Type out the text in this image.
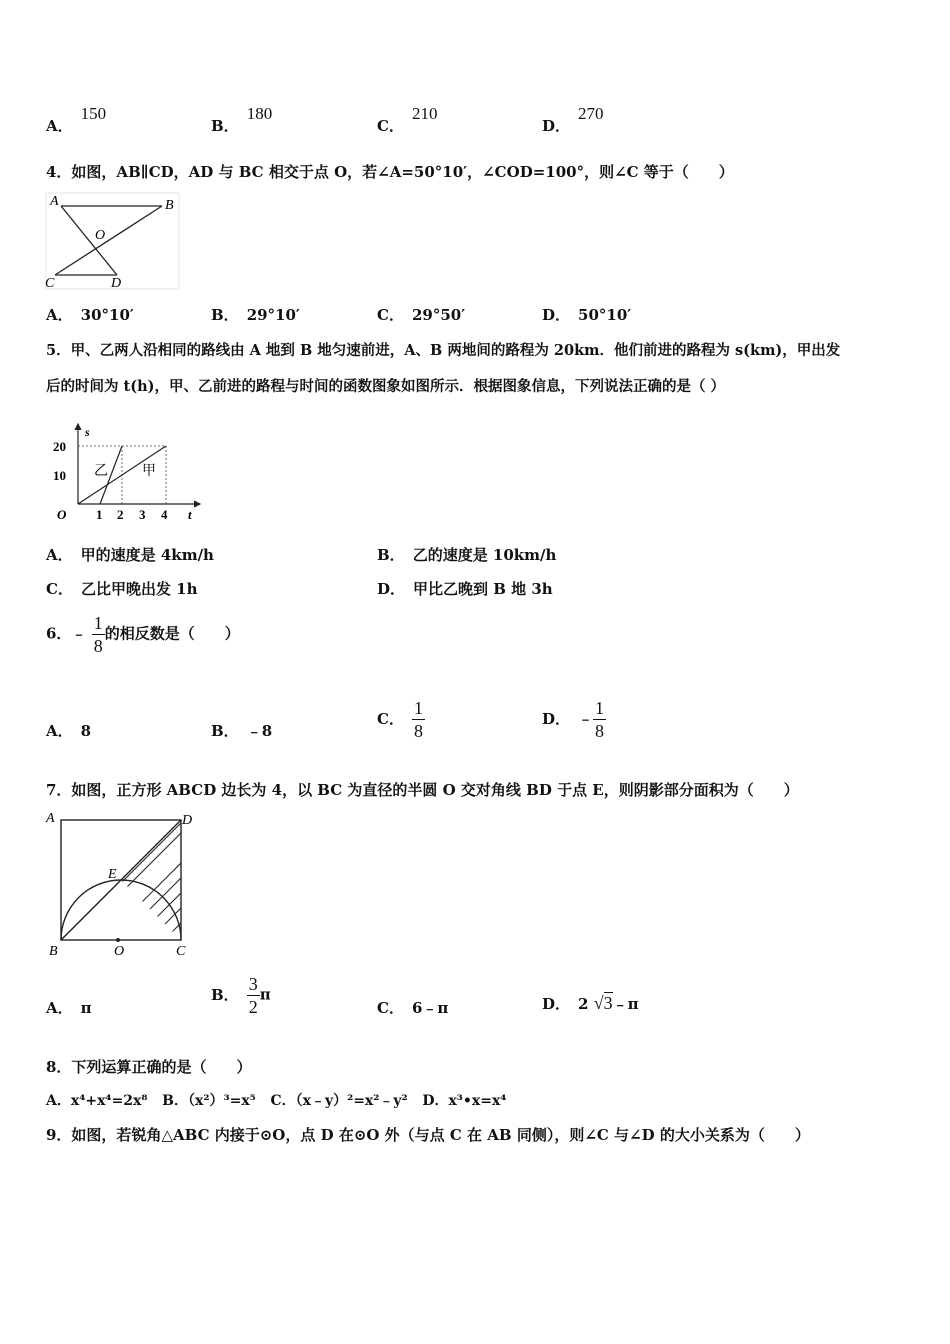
A．150
B．180
C．210
D．270
4．如图，AB∥CD，AD 与 BC 相交于点 O，若∠A=50°10′，∠COD=100°，则∠C 等于（　　）
A	B
O
C	D
A． 30°10′	B． 29°10′	C． 29°50′	D． 50°10′
5．甲、乙两人沿相同的路线由 A 地到 B 地匀速前进，A、B 两地间的路程为 20km．他们前进的路程为 s(km)，甲出发
后的时间为 t(h)，甲、乙前进的路程与时间的函数图象如图所示．根据图象信息，下列说法正确的是（ ）
s
t
O
20
10
1 2 3 4
乙 甲
A． 甲的速度是 4km/h	B． 乙的速度是 10km/h
C． 乙比甲晚出发 1h	D． 甲比乙晚到 B 地 3h
6．﹣ $\frac{1}{8}$ 的相反数是（　　）
A． 8	B． ﹣8
C． $\frac{1}{8}$	D． ﹣ $\frac{1}{8}$
7．如图，正方形 ABCD 边长为 4，以 BC 为直径的半圆 O 交对角线 BD 于点 E，则阴影部分面积为（　　）
A	D
E
B	O	C
A． π
B． $\frac{3}{2}$ π
C． 6﹣π	D． 2 √3﹣π
8．下列运算正确的是（　　）
A．x⁴+x⁴=2x⁸ B．（x²）³=x⁵ C．（x﹣y）²=x²﹣y² D．x³•x=x⁴
9．如图，若锐角△ABC 内接于⊙O，点 D 在⊙O 外（与点 C 在 AB 同侧），则∠C 与∠D 的大小关系为（　　）
